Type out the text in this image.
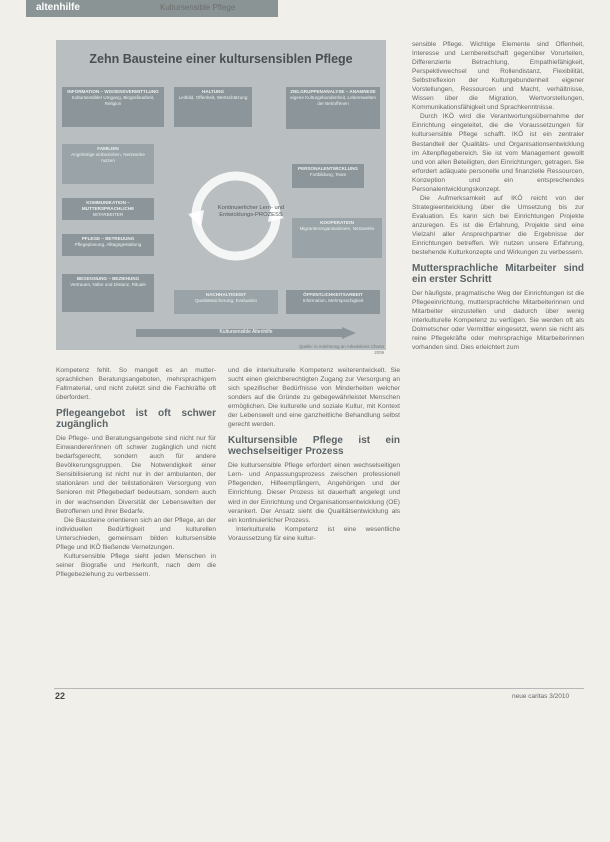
altenhilfe	Kultursensible Pflege
Zehn Bausteine einer kultursensiblen Pflege
Kontinuierlicher Lern- und Entwicklungs-PROZESS
INFORMATION – WISSENSVERMITTLUNG
Kultursensibler Umgang, Biografiearbeit, Religion
HALTUNG
Leitbild, Offenheit, Wertschätzung
ZIELGRUPPENANALYSE – ANAMNESE
eigene Kulturgebundenheit, Lebenswelten der Betroffenen
FAMILIEN
Angehörige einbeziehen, Netzwerke nutzen
PERSONALENTWICKLUNG
Fortbildung, Team
KOMMUNIKATION – MUTTERSPRACHLICHE
MITARBEITER
KOOPERATION
Migrantenorganisationen, Netzwerke
PFLEGE – BETREUUNG
Pflegeplanung, Alltagsgestaltung
BEGEGNUNG – BEZIEHUNG
Vertrauen, Nähe und Distanz, Rituale
NACHHALTIGKEIT
Qualitätssicherung, Evaluation
ÖFFENTLICHKEITSARBEIT
Information, Mehrsprachigkeit
Kultursensible Altenhilfe
Quelle: in Anlehnung an Arbeitskreis Charta 2009

sensible Pflege. Wichtige Elemente sind Offenheit, Interesse und Lernbereitschaft gegenüber Vorurteilen, Differenzierte Betrachtung, Empathiefähigkeit, Perspektivwechsel und Rollendistanz, Flexibilität, Selbstreflexion der Kulturgebundenheit eigener Vorstellungen, Ressourcen und Macht, verhältnisse, Wissen über die Migration, Wertvorstellungen, Kommunikationsfähigkeit und Sprachkenntnisse.

Durch IKÖ wird die Verantwortungsübernahme der Einrichtung eingeleitet, die die Voraussetzungen für kultursensible Pflege schafft. IKÖ ist ein zentraler Bestandteil der Qualitäts- und Organisationsentwicklung im Altenpflegebereich. Sie ist vom Management gewollt und von allen Beteiligten, den Einrichtungen, getragen. Sie erfordert adäquate personelle und finanzielle Ressourcen, Konzeption und ein entsprechendes Personalentwicklungskonzept.

Die Aufmerksamkeit auf IKÖ reicht von der Strategieentwicklung über die Umsetzung bis zur Evaluation. Es kann sich bei Einrichtungen Projekte anzuregen. Es ist die Erfahrung, Projekte sind eine Vielzahl aller Ansprechpartner die Ergebnisse der Einrichtungen betreffen. Wir nutzen unsere Erfahrung, bestehende Kulturkonzepte und Wirkungen zu verbessern.

Muttersprachliche Mitarbeiter sind ein erster Schritt

Der häufigste, pragmatische Weg der Einrichtungen ist die Pflegeeinrichtung, muttersprachliche Mitarbeiterinnen und Mitarbeiter einzustellen und dadurch über wenig interkulturelle Kompetenz zu verfügen. Sie werden oft als Dolmetscher oder Vermittler eingesetzt, wenn sie nicht als reine Pflegekräfte oder mehrsprachige Mitarbeiterinnen vorhanden sind. Dies erleichtert zum

Kompetenz fehlt. So mangelt es an muttersprachlichen Beratungsangeboten, mehrsprachigem Faltmaterial, und nicht zuletzt sind die Fachkräfte oft überfordert.

Pflegeangebot ist oft schwer zugänglich

Die Pflege- und Beratungsangebote sind nicht nur für Einwanderer/innen oft schwer zugänglich und nicht bedarfsgerecht, sondern auch für andere Bevölkerungsgruppen. Die Notwendigkeit einer Sensibilisierung ist nicht nur in der ambulanten, der stationären und der teilstationären Versorgung von Senioren mit Pflegebedarf bedeutsam, sondern auch in der wachsenden Diversität der Lebenswelten der Betroffenen und ihrer Bedarfe.

Die Bausteine orientieren sich an der Pflege, an der individuellen Bedürftigkeit und kulturellen Unterschieden, gemeinsam bilden kultursensible Pflege und IKÖ fließende Vernetzungen.

Kultursensible Pflege sieht jeden Menschen in seiner Biografie und Herkunft, nach dem die Pflegebeziehung zu verbessern.

und die interkulturelle Kompetenz weiterentwickelt. Sie sucht einen gleichberechtigten Zugang zur Versorgung an sich spezifischer Bedürfnisse von Minderheiten welcher sonders auf die Gründe zu gebegewährleistet Menschen ermöglichen. Die kulturelle und soziale Kultur, mit Kontext der Lebenswelt und eine ganzheitliche Behandlung selbst gerecht werden.

Kultursensible Pflege ist ein wechselseitiger Prozess

Die kultursensible Pflege erfordert einen wechselseitigen Lern- und Anpassungsprozess zwischen professionell Pflegenden, Hilfeempfängern, Angehörigen und der Einrichtung. Dieser Prozess ist dauerhaft angelegt und wird in der Einrichtung und Organisationsentwicklung (OE) verankert. Der Ansatz sieht die Qualitätsentwicklung als ein kontinuierlicher Prozess.

Interkulturelle Kompetenz ist eine wesentliche Voraussetzung für eine kultur-

22	neue caritas 3/2010
